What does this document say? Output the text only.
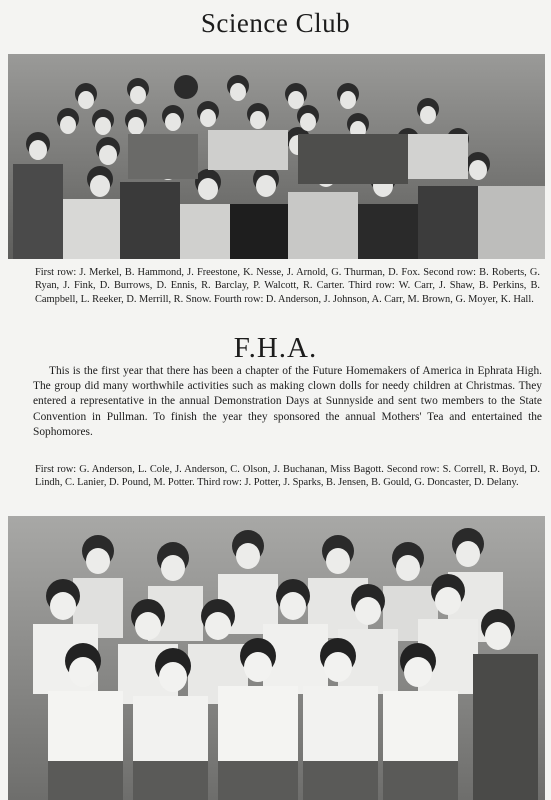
Science Club

First row: J. Merkel, B. Hammond, J. Freestone, K. Nesse, J. Arnold, G. Thurman, D. Fox. Second row: B. Roberts, G. Ryan, J. Fink, D. Burrows, D. Ennis, R. Barclay, P. Walcott, R. Carter. Third row: W. Carr, J. Shaw, B. Perkins, B. Campbell, L. Reeker, D. Merrill, R. Snow. Fourth row: D. Anderson, J. Johnson, A. Carr, M. Brown, G. Moyer, K. Hall.

F.H.A.

This is the first year that there has been a chapter of the Future Homemakers of America in Ephrata High. The group did many worthwhile activities such as making clown dolls for needy children at Christmas. They entered a representative in the annual Demonstration Days at Sunnyside and sent two members to the State Convention in Pullman. To finish the year they sponsored the annual Mothers' Tea and entertained the Sophomores.

First row: G. Anderson, L. Cole, J. Anderson, C. Olson, J. Buchanan, Miss Bagott. Second row: S. Correll, R. Boyd, D. Lindh, C. Lanier, D. Pound, M. Potter. Third row: J. Potter, J. Sparks, B. Jensen, B. Gould, G. Doncaster, D. Delany.
